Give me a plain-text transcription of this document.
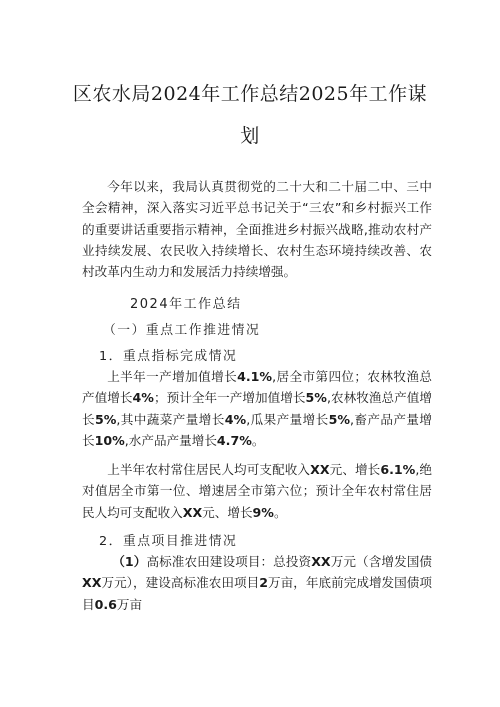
区农水局2024年工作总结2025年工作谋
划
今年以来，我局认真贯彻党的二十大和二十届二中、三中全会精神，深入落实习近平总书记关于“三农”和乡村振兴工作的重要讲话重要指示精神，全面推进乡村振兴战略,推动农村产业持续发展、农民收入持续增长、农村生态环境持续改善、农村改革内生动力和发展活力持续增强。
2024年工作总结
（一）重点工作推进情况
1．重点指标完成情况
上半年一产增加值增长4.1%,居全市第四位；农林牧渔总产值增长4%；预计全年一产增加值增长5%,农林牧渔总产值增长5%,其中蔬菜产量增长4%,瓜果产量增长5%,畜产品产量增长10%,水产品产量增长4.7%。
上半年农村常住居民人均可支配收入XX元、增长6.1%,绝对值居全市第一位、增速居全市第六位；预计全年农村常住居民人均可支配收入XX元、增长9%。
2．重点项目推进情况
（1）高标准农田建设项目：总投资XX万元（含增发国债XX万元），建设高标准农田项目2万亩，年底前完成增发国债项目0.6万亩
